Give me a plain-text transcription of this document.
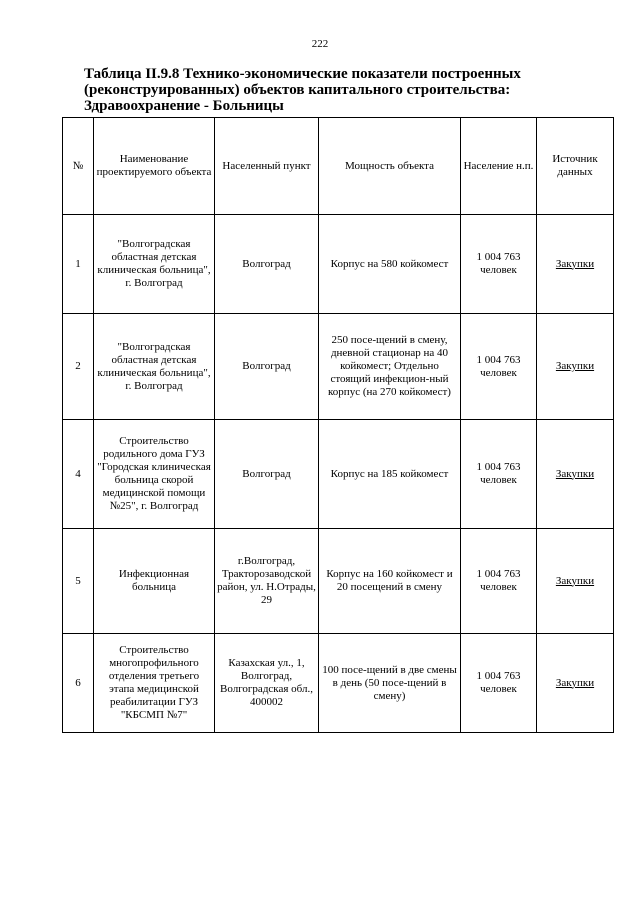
222
Таблица II.9.8 Технико-экономические показатели построенных (реконструированных) объектов капитального строительства: Здравоохранение - Больницы
№	Наименование проектируемого объекта	Населенный пункт	Мощность объекта	Население н.п.	Источник данных
1	"Волгоградская областная детская клиническая больница", г. Волгоград	Волгоград	Корпус на 580 койкомест	1 004 763 человек	Закупки
2	"Волгоградская областная детская клиническая больница", г. Волгоград	Волгоград	250 посе-щений в смену, дневной стационар на 40 койкомест; Отдельно стоящий инфекцион-ный корпус (на 270 койкомест)	1 004 763 человек	Закупки
4	Строительство родильного дома ГУЗ "Городская клиническая больница скорой медицинской помощи №25", г. Волгоград	Волгоград	Корпус на 185 койкомест	1 004 763 человек	Закупки
5	Инфекционная больница	г.Волгоград, Тракторозаводской район, ул. Н.Отрады, 29	Корпус на 160 койкомест и 20 посещений в смену	1 004 763 человек	Закупки
6	Строительство многопрофильного отделения третьего этапа медицинской реабилитации ГУЗ "КБСМП №7"	Казахская ул., 1, Волгоград, Волгоградская обл., 400002	100 посе-щений в две смены в день (50 посе-щений в смену)	1 004 763 человек	Закупки
